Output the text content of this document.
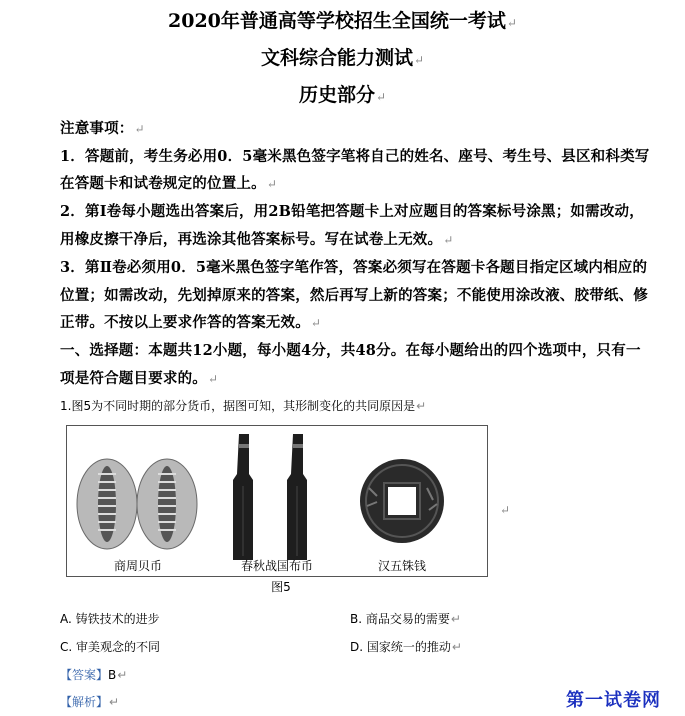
2020年普通高等学校招生全国统一考试↵
文科综合能力测试↵
历史部分↵
注意事项：↵
1．答题前，考生务必用0．5毫米黑色签字笔将自己的姓名、座号、考生号、县区和科类写
在答题卡和试卷规定的位置上。↵
2．第Ⅰ卷每小题选出答案后，用2B铅笔把答题卡上对应题目的答案标号涂黑；如需改动，
用橡皮擦干净后，再选涂其他答案标号。写在试卷上无效。↵
3．第Ⅱ卷必须用0．5毫米黑色签字笔作答，答案必须写在答题卡各题目指定区域内相应的
位置；如需改动，先划掉原来的答案，然后再写上新的答案；不能使用涂改液、胶带纸、修
正带。不按以上要求作答的答案无效。↵
一、选择题：本题共12小题，每小题4分，共48分。在每小题给出的四个选项中，只有一
项是符合题目要求的。↵
1.图5为不同时期的部分货币，据图可知，其形制变化的共同原因是↵
商周贝币	春秋战国布币	汉五铢钱
↵
图5
A. 铸铁技术的进步	B. 商品交易的需要↵
C. 审美观念的不同	D. 国家统一的推动↵
【答案】B↵
【解析】↵	第一试卷网
